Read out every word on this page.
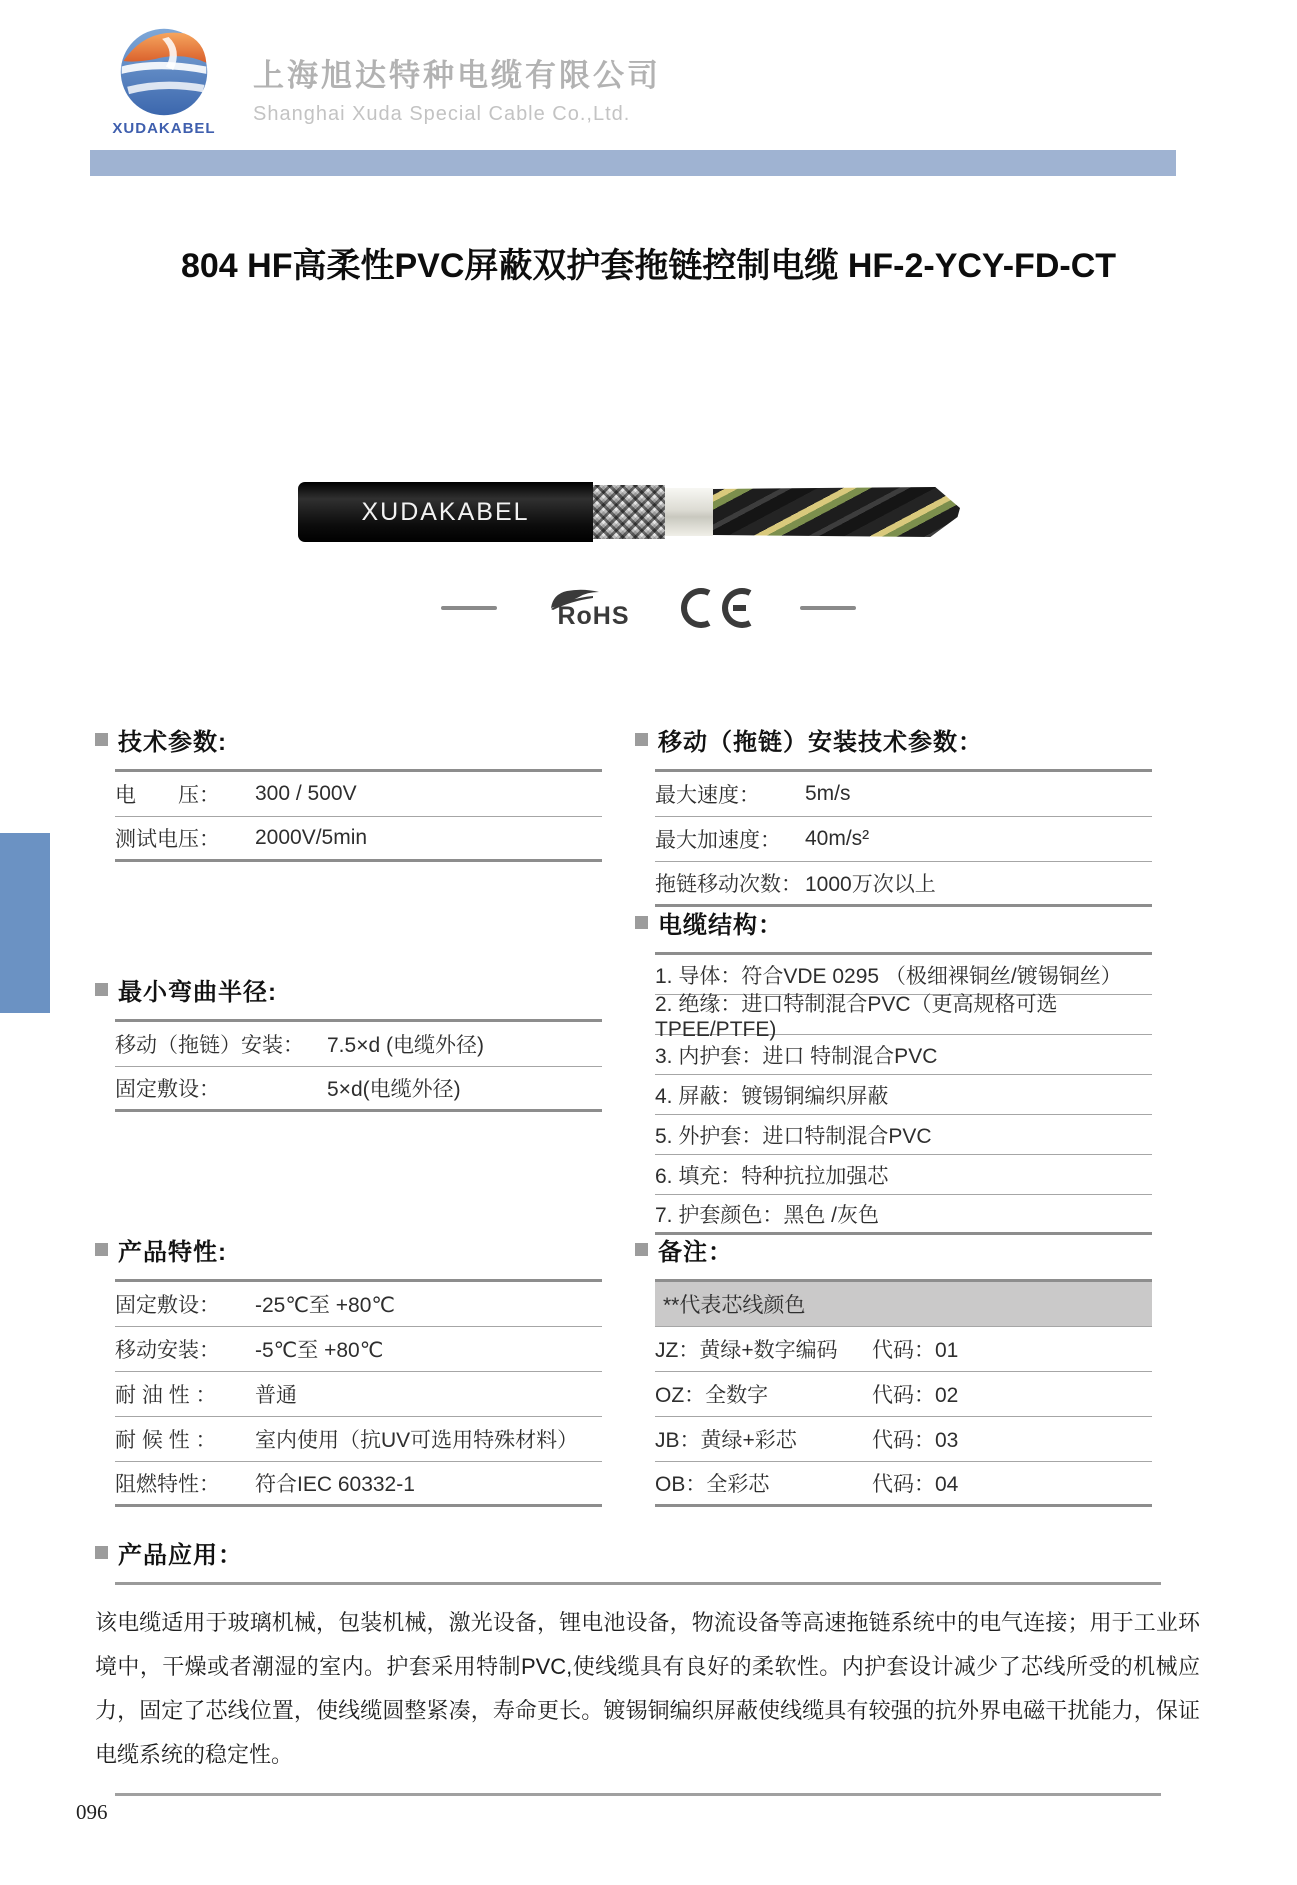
XUDAKABEL
上海旭达特种电缆有限公司
Shanghai Xuda Special Cable Co.,Ltd.
804 HF高柔性PVC屏蔽双护套拖链控制电缆 HF-2-YCY-FD-CT
XUDAKABEL
RoHS
技术参数:
电　　压：	300 / 500V
测试电压：	2000V/5min
最小弯曲半径:
移动（拖链）安装：	7.5×d (电缆外径)
固定敷设：	5×d(电缆外径)
产品特性:
固定敷设：	-25℃至 +80℃
移动安装：	-5℃至 +80℃
耐 油 性 ：	普通
耐 候 性 ：	室内使用（抗UV可选用特殊材料）
阻燃特性：	符合IEC 60332-1
移动（拖链）安装技术参数：
最大速度：	5m/s
最大加速度：	40m/s²
拖链移动次数： 1000万次以上
电缆结构：
1. 导体：符合VDE 0295 （极细裸铜丝/镀锡铜丝）
2. 绝缘：进口特制混合PVC（更高规格可选TPEE/PTFE)
3. 内护套：进口 特制混合PVC
4. 屏蔽：镀锡铜编织屏蔽
5. 外护套：进口特制混合PVC
6. 填充：特种抗拉加强芯
7. 护套颜色：黑色 /灰色
备注：
**代表芯线颜色
JZ：黄绿+数字编码	代码：01
OZ：全数字	代码：02
JB：黄绿+彩芯	代码：03
OB：全彩芯	代码：04
产品应用：

该电缆适用于玻璃机械，包装机械，激光设备，锂电池设备，物流设备等高速拖链系统中的电气连接；用于工业环境中，干燥或者潮湿的室内。护套采用特制PVC,使线缆具有良好的柔软性。内护套设计减少了芯线所受的机械应力，固定了芯线位置，使线缆圆整紧凑，寿命更长。镀锡铜编织屏蔽使线缆具有较强的抗外界电磁干扰能力，保证电缆系统的稳定性。

096
